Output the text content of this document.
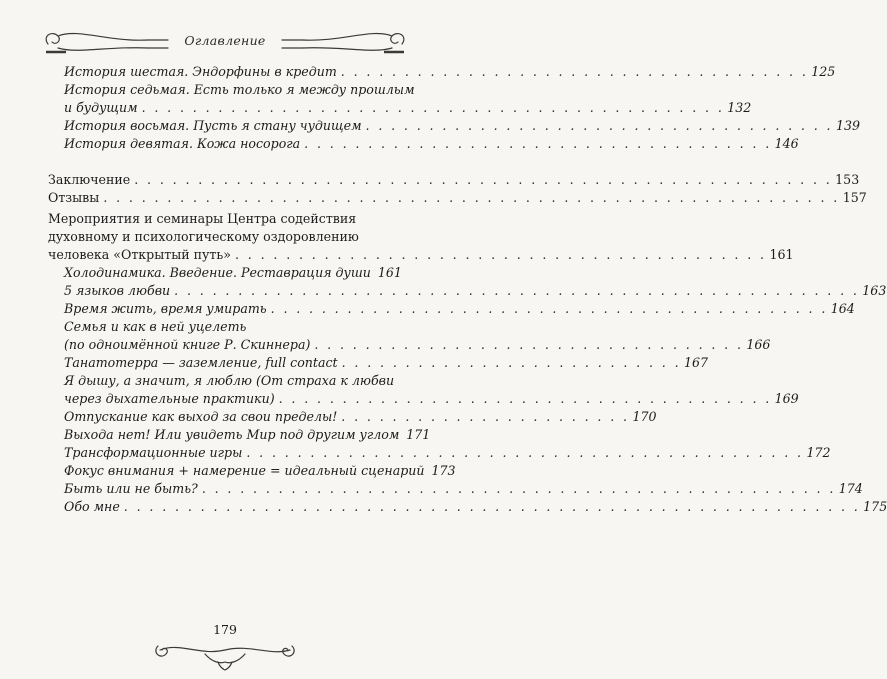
Оглавление
История шестая. Эндорфины в кредит . . . . . . . . . . . . . . . . . . . . . . . . . . . . . . . . . . . . . 125
История седьмая. Есть только я между прошлым
и будущим . . . . . . . . . . . . . . . . . . . . . . . . . . . . . . . . . . . . . . . . . . . . . . 132
История восьмая. Пусть я стану чудищем . . . . . . . . . . . . . . . . . . . . . . . . . . . . . . . . . . . . . 139
История девятая. Кожа носорога . . . . . . . . . . . . . . . . . . . . . . . . . . . . . . . . . . . . . 146
Заключение . . . . . . . . . . . . . . . . . . . . . . . . . . . . . . . . . . . . . . . . . . . . . . . . . . . . . . . 153
Отзывы . . . . . . . . . . . . . . . . . . . . . . . . . . . . . . . . . . . . . . . . . . . . . . . . . . . . . . . . . . 157
Мероприятия и семинары Центра содействия
духовному и психологическому оздоровлению
человека «Открытый путь» . . . . . . . . . . . . . . . . . . . . . . . . . . . . . . . . . . . . . . . . . . 161
Холодинамика. Введение. Реставрация души 161
5 языков любви . . . . . . . . . . . . . . . . . . . . . . . . . . . . . . . . . . . . . . . . . . . . . . . . . . . . . . 163
Время жить, время умирать . . . . . . . . . . . . . . . . . . . . . . . . . . . . . . . . . . . . . . . . . . . . 164
Семья и как в ней уцелеть
(по одноимённой книге Р. Скиннера) . . . . . . . . . . . . . . . . . . . . . . . . . . . . . . . . . . 166
Танатотерра — заземление, full contact . . . . . . . . . . . . . . . . . . . . . . . . . . . 167
Я дышу, а значит, я люблю (От страха к любви
через дыхательные практики) . . . . . . . . . . . . . . . . . . . . . . . . . . . . . . . . . . . . . . . 169
Отпускание как выход за свои пределы! . . . . . . . . . . . . . . . . . . . . . . . 170
Выхода нет! Или увидеть Мир под другим углом 171
Трансформационные игры . . . . . . . . . . . . . . . . . . . . . . . . . . . . . . . . . . . . . . . . . . . . 172
Фокус внимания + намерение = идеальный сценарий 173
Быть или не быть? . . . . . . . . . . . . . . . . . . . . . . . . . . . . . . . . . . . . . . . . . . . . . . . . . . 174
Обо мне . . . . . . . . . . . . . . . . . . . . . . . . . . . . . . . . . . . . . . . . . . . . . . . . . . . . . . . . . . 175
179
